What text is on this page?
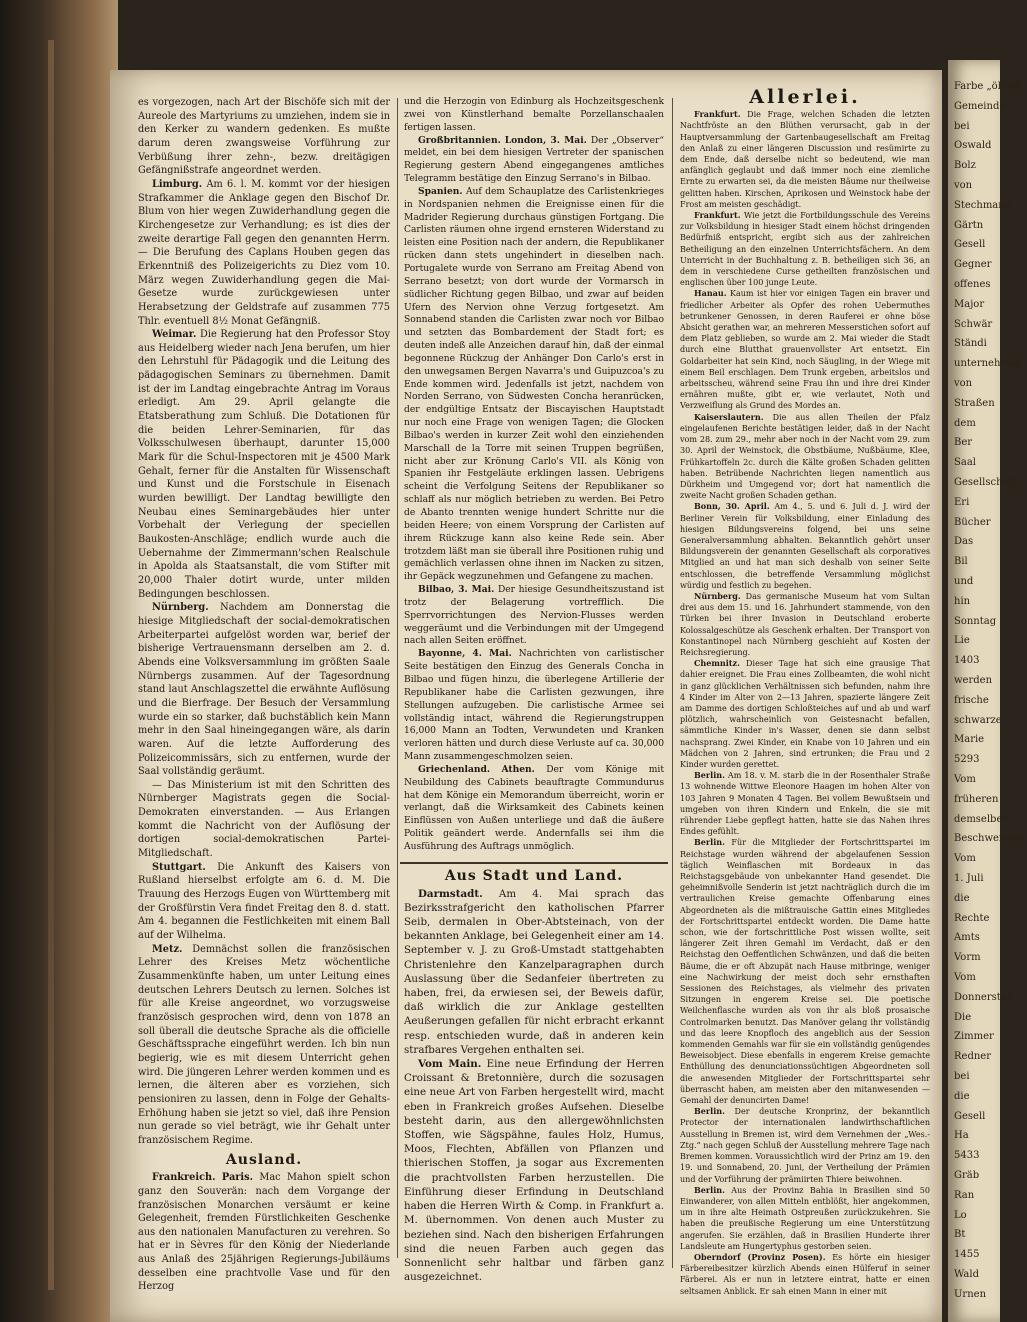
es vorgezogen, nach Art der Bischöfe sich mit der Aureole des Martyriums zu umziehen, indem sie in den Kerker zu wandern gedenken. Es mußte darum deren zwangsweise Vorführung zur Verbüßung ihrer zehn-, bezw. dreitägigen Gefängnißstrafe angeordnet werden.

Limburg. Am 6. l. M. kommt vor der hiesigen Strafkammer die Anklage gegen den Bischof Dr. Blum von hier wegen Zuwiderhandlung gegen die Kirchengesetze zur Verhandlung; es ist dies der zweite derartige Fall gegen den genannten Herrn. — Die Berufung des Caplans Houben gegen das Erkenntniß des Polizeigerichts zu Diez vom 10. März wegen Zuwiderhandlung gegen die Mai-Gesetze wurde zurückgewiesen unter Herabsetzung der Geldstrafe auf zusammen 775 Thlr. eventuell 8½ Monat Gefängniß.

Weimar. Die Regierung hat den Professor Stoy aus Heidelberg wieder nach Jena berufen, um hier den Lehrstuhl für Pädagogik und die Leitung des pädagogischen Seminars zu übernehmen. Damit ist der im Landtag eingebrachte Antrag im Voraus erledigt. Am 29. April gelangte die Etatsberathung zum Schluß. Die Dotationen für die beiden Lehrer-Seminarien, für das Volksschulwesen überhaupt, darunter 15,000 Mark für die Schul-Inspectoren mit je 4500 Mark Gehalt, ferner für die Anstalten für Wissenschaft und Kunst und die Forstschule in Eisenach wurden bewilligt. Der Landtag bewilligte den Neubau eines Seminargebäudes hier unter Vorbehalt der Verlegung der speciellen Baukosten-Anschläge; endlich wurde auch die Uebernahme der Zimmermann'schen Realschule in Apolda als Staatsanstalt, die vom Stifter mit 20,000 Thaler dotirt wurde, unter milden Bedingungen beschlossen.

Nürnberg. Nachdem am Donnerstag die hiesige Mitgliedschaft der social-demokratischen Arbeiterpartei aufgelöst worden war, berief der bisherige Vertrauensmann derselben am 2. d. Abends eine Volksversammlung im größten Saale Nürnbergs zusammen. Auf der Tagesordnung stand laut Anschlagszettel die erwähnte Auflösung und die Bierfrage. Der Besuch der Versammlung wurde ein so starker, daß buchstäblich kein Mann mehr in den Saal hineingegangen wäre, als darin waren. Auf die letzte Aufforderung des Polizeicommissärs, sich zu entfernen, wurde der Saal vollständig geräumt.

— Das Ministerium ist mit den Schritten des Nürnberger Magistrats gegen die Social-Demokraten einverstanden. — Aus Erlangen kommt die Nachricht von der Auflösung der dortigen social-demokratischen Partei-Mitgliedschaft.

Stuttgart. Die Ankunft des Kaisers von Rußland hierselbst erfolgte am 6. d. M. Die Trauung des Herzogs Eugen von Württemberg mit der Großfürstin Vera findet Freitag den 8. d. statt. Am 4. begannen die Festlichkeiten mit einem Ball auf der Wilhelma.

Metz. Demnächst sollen die französischen Lehrer des Kreises Metz wöchentliche Zusammenkünfte haben, um unter Leitung eines deutschen Lehrers Deutsch zu lernen. Solches ist für alle Kreise angeordnet, wo vorzugsweise französisch gesprochen wird, denn von 1878 an soll überall die deutsche Sprache als die officielle Geschäftssprache eingeführt werden. Ich bin nun begierig, wie es mit diesem Unterricht gehen wird. Die jüngeren Lehrer werden kommen und es lernen, die älteren aber es vorziehen, sich pensioniren zu lassen, denn in Folge der Gehalts-Erhöhung haben sie jetzt so viel, daß ihre Pension nun gerade so viel beträgt, wie ihr Gehalt unter französischem Regime.

Ausland.

Frankreich. Paris. Mac Mahon spielt schon ganz den Souverän: nach dem Vorgange der französischen Monarchen versäumt er keine Gelegenheit, fremden Fürstlichkeiten Geschenke aus den nationalen Manufacturen zu verehren. So hat er in Sèvres für den König der Niederlande aus Anlaß des 25jährigen Regierungs-Jubiläums desselben eine prachtvolle Vase und für den Herzog

und die Herzogin von Edinburg als Hochzeitsgeschenk zwei von Künstlerhand bemalte Porzellanschaalen fertigen lassen.

Großbritannien. London, 3. Mai. Der „Observer“ meldet, ein bei dem hiesigen Vertreter der spanischen Regierung gestern Abend eingegangenes amtliches Telegramm bestätige den Einzug Serrano's in Bilbao.

Spanien. Auf dem Schauplatze des Carlistenkrieges in Nordspanien nehmen die Ereignisse einen für die Madrider Regierung durchaus günstigen Fortgang. Die Carlisten räumen ohne irgend ernsteren Widerstand zu leisten eine Position nach der andern, die Republikaner rücken dann stets ungehindert in dieselben nach. Portugalete wurde von Serrano am Freitag Abend von Serrano besetzt; von dort wurde der Vormarsch in südlicher Richtung gegen Bilbao, und zwar auf beiden Ufern des Nervion ohne Verzug fortgesetzt. Am Sonnabend standen die Carlisten zwar noch vor Bilbao und setzten das Bombardement der Stadt fort; es deuten indeß alle Anzeichen darauf hin, daß der einmal begonnene Rückzug der Anhänger Don Carlo's erst in den unwegsamen Bergen Navarra's und Guipuzcoa's zu Ende kommen wird. Jedenfalls ist jetzt, nachdem von Norden Serrano, von Südwesten Concha heranrücken, der endgültige Entsatz der Biscayischen Hauptstadt nur noch eine Frage von wenigen Tagen; die Glocken Bilbao's werden in kurzer Zeit wohl den einziehenden Marschall de la Torre mit seinen Truppen begrüßen, nicht aber zur Krönung Carlo's VII. als König von Spanien ihr Festgeläute erklingen lassen. Uebrigens scheint die Verfolgung Seitens der Republikaner so schlaff als nur möglich betrieben zu werden. Bei Petro de Abanto trennten wenige hundert Schritte nur die beiden Heere; von einem Vorsprung der Carlisten auf ihrem Rückzuge kann also keine Rede sein. Aber trotzdem läßt man sie überall ihre Positionen ruhig und gemächlich verlassen ohne ihnen im Nacken zu sitzen, ihr Gepäck wegzunehmen und Gefangene zu machen.

Bilbao, 3. Mai. Der hiesige Gesundheitszustand ist trotz der Belagerung vortrefflich. Die Sperrvorrichtungen des Nervion-Flusses werden weggeräumt und die Verbindungen mit der Umgegend nach allen Seiten eröffnet.

Bayonne, 4. Mai. Nachrichten von carlistischer Seite bestätigen den Einzug des Generals Concha in Bilbao und fügen hinzu, die überlegene Artillerie der Republikaner habe die Carlisten gezwungen, ihre Stellungen aufzugeben. Die carlistische Armee sei vollständig intact, während die Regierungstruppen 16,000 Mann an Todten, Verwundeten und Kranken verloren hätten und durch diese Verluste auf ca. 30,000 Mann zusammengeschmolzen seien.

Griechenland. Athen. Der vom Könige mit Neubildung des Cabinets beauftragte Commundurus hat dem Könige ein Memorandum überreicht, worin er verlangt, daß die Wirksamkeit des Cabinets keinen Einflüssen von Außen unterliege und daß die äußere Politik geändert werde. Andernfalls sei ihm die Ausführung des Auftrags unmöglich.

Aus Stadt und Land.

Darmstadt. Am 4. Mai sprach das Bezirksstrafgericht den katholischen Pfarrer Seib, dermalen in Ober-Abtsteinach, von der bekannten Anklage, bei Gelegenheit einer am 14. September v. J. zu Groß-Umstadt stattgehabten Christenlehre den Kanzelparagraphen durch Auslassung über die Sedanfeier übertreten zu haben, frei, da erwiesen sei, der Beweis dafür, daß wirklich die zur Anklage gestellten Aeußerungen gefallen für nicht erbracht erkannt resp. entschieden wurde, daß in anderen kein strafbares Vergehen enthalten sei.

Vom Main. Eine neue Erfindung der Herren Croissant & Bretonnière, durch die sozusagen eine neue Art von Farben hergestellt wird, macht eben in Frankreich großes Aufsehen. Dieselbe besteht darin, aus den allergewöhnlichsten Stoffen, wie Sägspähne, faules Holz, Humus, Moos, Flechten, Abfällen von Pflanzen und thierischen Stoffen, ja sogar aus Excrementen die prachtvollsten Farben herzustellen. Die Einführung dieser Erfindung in Deutschland haben die Herren Wirth & Comp. in Frankfurt a. M. übernommen. Von denen auch Muster zu beziehen sind. Nach den bisherigen Erfahrungen sind die neuen Farben auch gegen das Sonnenlicht sehr haltbar und färben ganz ausgezeichnet.

Allerlei.

Frankfurt. Die Frage, welchen Schaden die letzten Nachtfröste an den Blüthen verursacht, gab in der Hauptversammlung der Gartenbaugesellschaft am Freitag den Anlaß zu einer längeren Discussion und resümirte zu dem Ende, daß derselbe nicht so bedeutend, wie man anfänglich geglaubt und daß immer noch eine ziemliche Ernte zu erwarten sei, da die meisten Bäume nur theilweise gelitten haben. Kirschen, Aprikosen und Weinstock habe der Frost am meisten geschädigt.

Frankfurt. Wie jetzt die Fortbildungsschule des Vereins zur Volksbildung in hiesiger Stadt einem höchst dringenden Bedürfniß entspricht, ergibt sich aus der zahlreichen Betheiligung an den einzelnen Unterrichtsfächern. An dem Unterricht in der Buchhaltung z. B. betheiligen sich 36, an dem in verschiedene Curse getheilten französischen und englischen über 100 junge Leute.

Hanau. Kaum ist hier vor einigen Tagen ein braver und friedlicher Arbeiter als Opfer des rohen Uebermuthes betrunkener Genossen, in deren Rauferei er ohne böse Absicht gerathen war, an mehreren Messerstichen sofort auf dem Platz geblieben, so wurde am 2. Mai wieder die Stadt durch eine Blutthat grauenvollster Art entsetzt. Ein Goldarbeiter hat sein Kind, noch Säugling, in der Wiege mit einem Beil erschlagen. Dem Trunk ergeben, arbeitslos und arbeitsscheu, während seine Frau ihn und ihre drei Kinder ernähren mußte, gibt er, wie verlautet, Noth und Verzweiflung als Grund des Mordes an.

Kaiserslautern. Die aus allen Theilen der Pfalz eingelaufenen Berichte bestätigen leider, daß in der Nacht vom 28. zum 29., mehr aber noch in der Nacht vom 29. zum 30. April der Weinstock, die Obstbäume, Nußbäume, Klee, Frühkartoffeln 2c. durch die Kälte großen Schaden gelitten haben. Betrübende Nachrichten liegen namentlich aus Dürkheim und Umgegend vor; dort hat namentlich die zweite Nacht großen Schaden gethan.

Bonn, 30. April. Am 4., 5. und 6. Juli d. J. wird der Berliner Verein für Volksbildung, einer Einladung des hiesigen Bildungsvereins folgend, bei uns seine Generalversammlung abhalten. Bekanntlich gehört unser Bildungsverein der genannten Gesellschaft als corporatives Mitglied an und hat man sich deshalb von seiner Seite entschlossen, die betreffende Versammlung möglichst würdig und festlich zu begehen.

Nürnberg. Das germanische Museum hat vom Sultan drei aus dem 15. und 16. Jahrhundert stammende, von den Türken bei ihrer Invasion in Deutschland eroberte Kolossalgeschütze als Geschenk erhalten. Der Transport von Konstantinopel nach Nürnberg geschieht auf Kosten der Reichsregierung.

Chemnitz. Dieser Tage hat sich eine grausige That dahier ereignet. Die Frau eines Zollbeamten, die wohl nicht in ganz glücklichen Verhältnissen sich befunden, nahm ihre 4 Kinder im Alter von 2—13 Jahren, spazierte längere Zeit am Damme des dortigen Schloßteiches auf und ab und warf plötzlich, wahrscheinlich von Geistesnacht befallen, sämmtliche Kinder in's Wasser, denen sie dann selbst nachsprang. Zwei Kinder, ein Knabe von 10 Jahren und ein Mädchen von 2 Jahren, sind ertrunken; die Frau und 2 Kinder wurden gerettet.

Berlin. Am 18. v. M. starb die in der Rosenthaler Straße 13 wohnende Wittwe Eleonore Haagen im hohen Alter von 103 Jahren 9 Monaten 4 Tagen. Bei vollem Bewußtsein und umgeben von ihren Kindern und Enkeln, die sie mit rührender Liebe gepflegt hatten, hatte sie das Nahen ihres Endes gefühlt.

Berlin. Für die Mitglieder der Fortschrittspartei im Reichstage wurden während der abgelaufenen Session täglich Weinflaschen mit Bordeaux in das Reichstagsgebäude von unbekannter Hand gesendet. Die geheimnißvolle Senderin ist jetzt nachträglich durch die im vertraulichen Kreise gemachte Offenbarung eines Abgeordneten als die mißtrauische Gattin eines Mitgliedes der Fortschrittspartei entdeckt worden. Die Dame hatte schon, wie der fortschrittliche Post wissen wollte, seit längerer Zeit ihren Gemahl im Verdacht, daß er den Reichstag den Oeffentlichen Schwänzen, und daß die beiten Bäume, die er oft Abzupät nach Hause mitbringe, weniger eine Nachwirkung der meist doch sehr ernsthaften Sessionen des Reichstages, als vielmehr des privaten Sitzungen in engerem Kreise sei. Die poetische Weilchenflasche wurden als von ihr als bloß prosaische Controlmarken benutzt. Das Manöver gelang ihr vollständig und das leere Knopfloch des angeblich aus der Session kommenden Gemahls war für sie ein vollständig genügendes Beweisobject. Diese ebenfalls in engerem Kreise gemachte Enthüllung des denunciationssüchtigen Abgeordneten soll die anwesenden Mitglieder der Fortschrittspartei sehr überrascht haben, am meisten aber den mitanwesenden — Gemahl der denuncirten Dame!

Berlin. Der deutsche Kronprinz, der bekanntlich Protector der internationalen landwirthschaftlichen Ausstellung in Bremen ist, wird dem Vernehmen der „Wes.-Ztg.“ nach gegen Schluß der Ausstellung mehrere Tage nach Bremen kommen. Voraussichtlich wird der Prinz am 19. den 19. und Sonnabend, 20. Juni, der Vertheilung der Prämien und der Vorführung der prämiirten Thiere beiwohnen.

Berlin. Aus der Provinz Bahia in Brasilien sind 50 Einwanderer, von allen Mitteln entblößt, hier angekommen, um in ihre alte Heimath Ostpreußen zurückzukehren. Sie haben die preußische Regierung um eine Unterstützung angerufen. Sie erzählen, daß in Brasilien Hunderte ihrer Landsleute am Hungertyphus gestorben seien.

Oberndorf (Provinz Posen). Es hörte ein hiesiger Färbereibesitzer kürzlich Abends einen Hülferuf in seiner Färberei. Als er nun in letztere eintrat, hatte er einen seltsamen Anblick. Er sah einen Mann in einer mit

Farbe „ölfarb“
Gemeinde
bei
Oswald
Bolz
von
Stechmann
Gärtn
Gesell
Gegner
offenes
Major
Schwär
Ständi
unternehmen
von
Straßen
dem
Ber
Saal
Gesellschaft
Eri
Bücher
Das
Bil
und
hin
Sonntag
Lie
1403
werden
frische
schwarze
Marie
5293
Vom
früheren
demselben
Beschwerden
Vom
1. Juli
die
Rechte
Amts
Vorm
Vom
Donnerstag
Die
Zimmer
Redner
bei
die
Gesell
Ha
5433
Gräb
Ran
Lo
Bt
1455
Wald
Urnen
